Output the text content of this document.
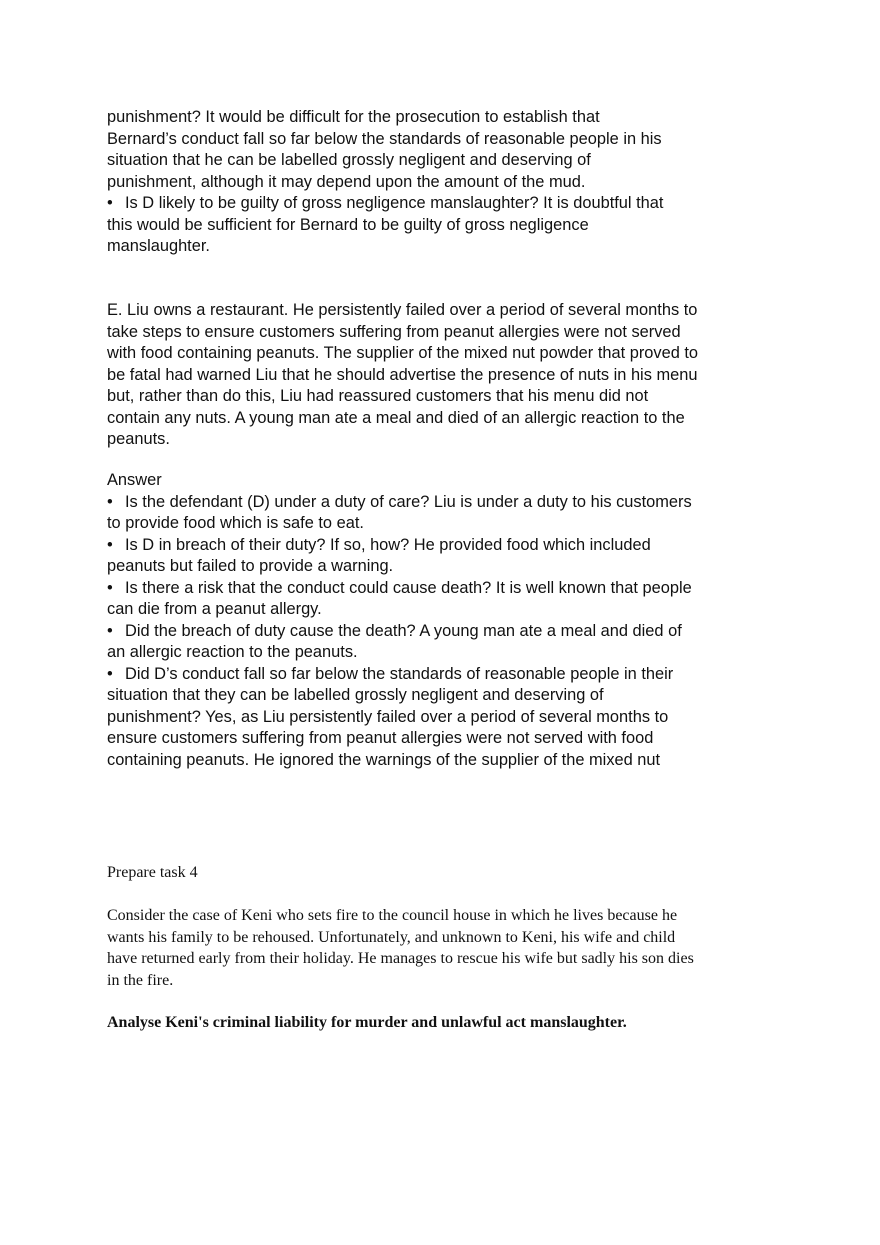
punishment? It would be difficult for the prosecution to establish that
Bernard’s conduct fall so far below the standards of reasonable people in his
situation that he can be labelled grossly negligent and deserving of
punishment, although it may depend upon the amount of the mud.
• Is D likely to be guilty of gross negligence manslaughter? It is doubtful that
this would be sufficient for Bernard to be guilty of gross negligence
manslaughter.
E. Liu owns a restaurant. He persistently failed over a period of several months to
take steps to ensure customers suffering from peanut allergies were not served
with food containing peanuts. The supplier of the mixed nut powder that proved to
be fatal had warned Liu that he should advertise the presence of nuts in his menu
but, rather than do this, Liu had reassured customers that his menu did not
contain any nuts. A young man ate a meal and died of an allergic reaction to the
peanuts.
Answer
• Is the defendant (D) under a duty of care? Liu is under a duty to his customers
to provide food which is safe to eat.
• Is D in breach of their duty? If so, how? He provided food which included
peanuts but failed to provide a warning.
• Is there a risk that the conduct could cause death? It is well known that people
can die from a peanut allergy.
• Did the breach of duty cause the death? A young man ate a meal and died of
an allergic reaction to the peanuts.
• Did D’s conduct fall so far below the standards of reasonable people in their
situation that they can be labelled grossly negligent and deserving of
punishment? Yes, as Liu persistently failed over a period of several months to
ensure customers suffering from peanut allergies were not served with food
containing peanuts. He ignored the warnings of the supplier of the mixed nut
Prepare task 4
Consider the case of Keni who sets fire to the council house in which he lives because he
wants his family to be rehoused. Unfortunately, and unknown to Keni, his wife and child
have returned early from their holiday. He manages to rescue his wife but sadly his son dies
in the fire.
Analyse Keni's criminal liability for murder and unlawful act manslaughter.
